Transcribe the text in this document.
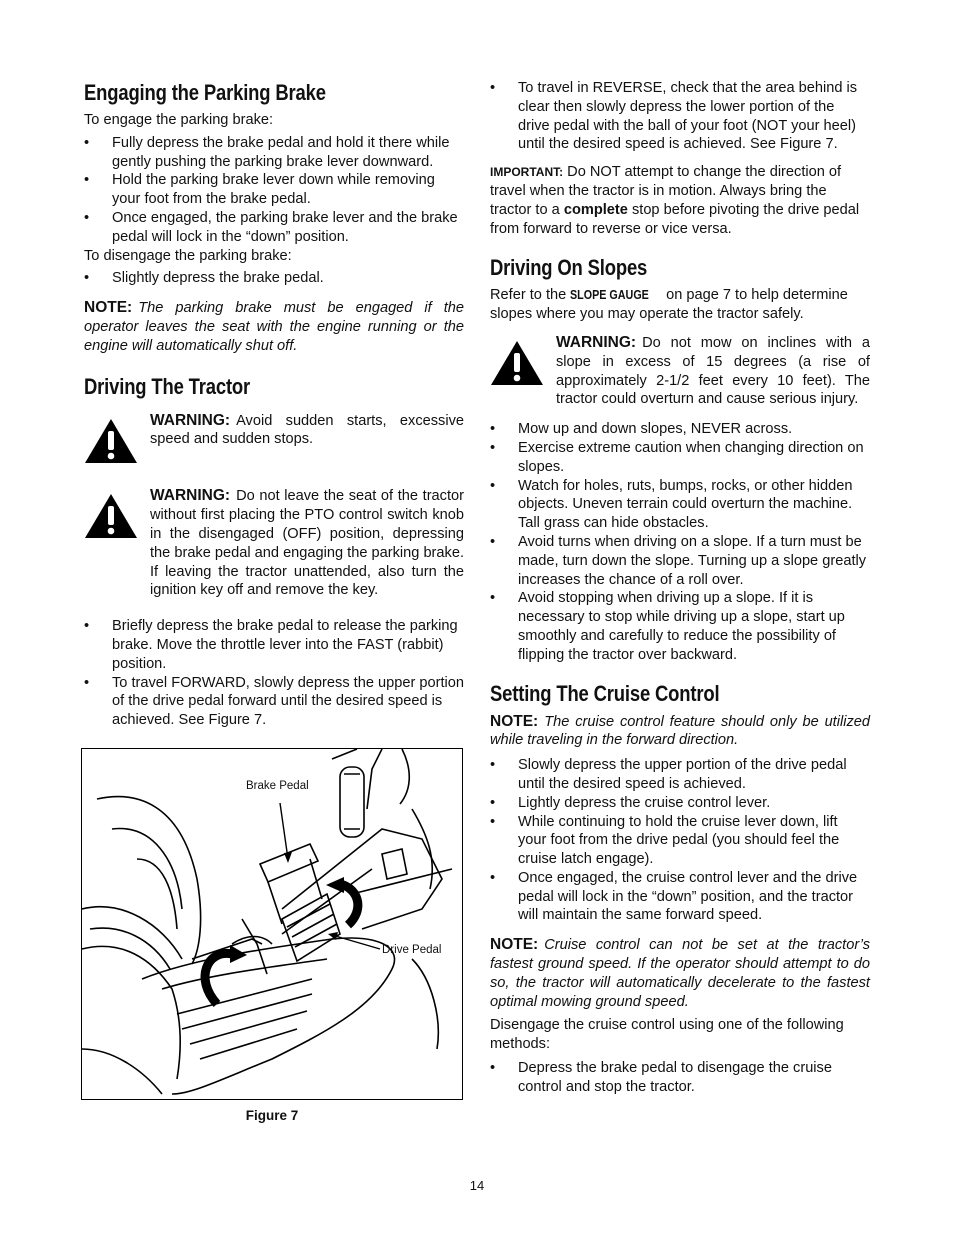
Engaging the Parking Brake

To engage the parking brake:

• Fully depress the brake pedal and hold it there while gently pushing the parking brake lever downward.
• Hold the parking brake lever down while removing your foot from the brake pedal.
• Once engaged, the parking brake lever and the brake pedal will lock in the “down” position.

To disengage the parking brake:

• Slightly depress the brake pedal.

NOTE: The parking brake must be engaged if the operator leaves the seat with the engine running or the engine will automatically shut off.

Driving The Tractor
WARNING: Avoid sudden starts, excessive speed and sudden stops.
WARNING: Do not leave the seat of the tractor without first placing the PTO control switch knob in the disengaged (OFF) position, depressing the brake pedal and engaging the parking brake. If leaving the tractor unattended, also turn the ignition key off and remove the key.
• Briefly depress the brake pedal to release the parking brake. Move the throttle lever into the FAST (rabbit) position.
• To travel FORWARD, slowly depress the upper portion of the drive pedal forward until the desired speed is achieved. See Figure 7.
Brake Pedal
Drive Pedal
Figure 7
• To travel in REVERSE, check that the area behind is clear then slowly depress the lower portion of the drive pedal with the ball of your foot (NOT your heel) until the desired speed is achieved. See Figure 7.

IMPORTANT: Do NOT attempt to change the direction of travel when the tractor is in motion. Always bring the tractor to a complete stop before pivoting the drive pedal from forward to reverse or vice versa.

Driving On Slopes

Refer to the SLOPE GAUGE on page 7 to help determine slopes where you may operate the tractor safely.

WARNING: Do not mow on inclines with a slope in excess of 15 degrees (a rise of approximately 2-1/2 feet every 10 feet). The tractor could overturn and cause serious injury.
• Mow up and down slopes, NEVER across.
• Exercise extreme caution when changing direction on slopes.
• Watch for holes, ruts, bumps, rocks, or other hidden objects. Uneven terrain could overturn the machine. Tall grass can hide obstacles.
• Avoid turns when driving on a slope. If a turn must be made, turn down the slope. Turning up a slope greatly increases the chance of a roll over.
• Avoid stopping when driving up a slope. If it is necessary to stop while driving up a slope, start up smoothly and carefully to reduce the possibility of flipping the tractor over backward.
Setting The Cruise Control

NOTE: The cruise control feature should only be utilized while traveling in the forward direction.

• Slowly depress the upper portion of the drive pedal until the desired speed is achieved.
• Lightly depress the cruise control lever.
• While continuing to hold the cruise lever down, lift your foot from the drive pedal (you should feel the cruise latch engage).
• Once engaged, the cruise control lever and the drive pedal will lock in the “down” position, and the tractor will maintain the same forward speed.

NOTE: Cruise control can not be set at the tractor’s fastest ground speed. If the operator should attempt to do so, the tractor will automatically decelerate to the fastest optimal mowing ground speed.

Disengage the cruise control using one of the following methods:

• Depress the brake pedal to disengage the cruise control and stop the tractor.
14
